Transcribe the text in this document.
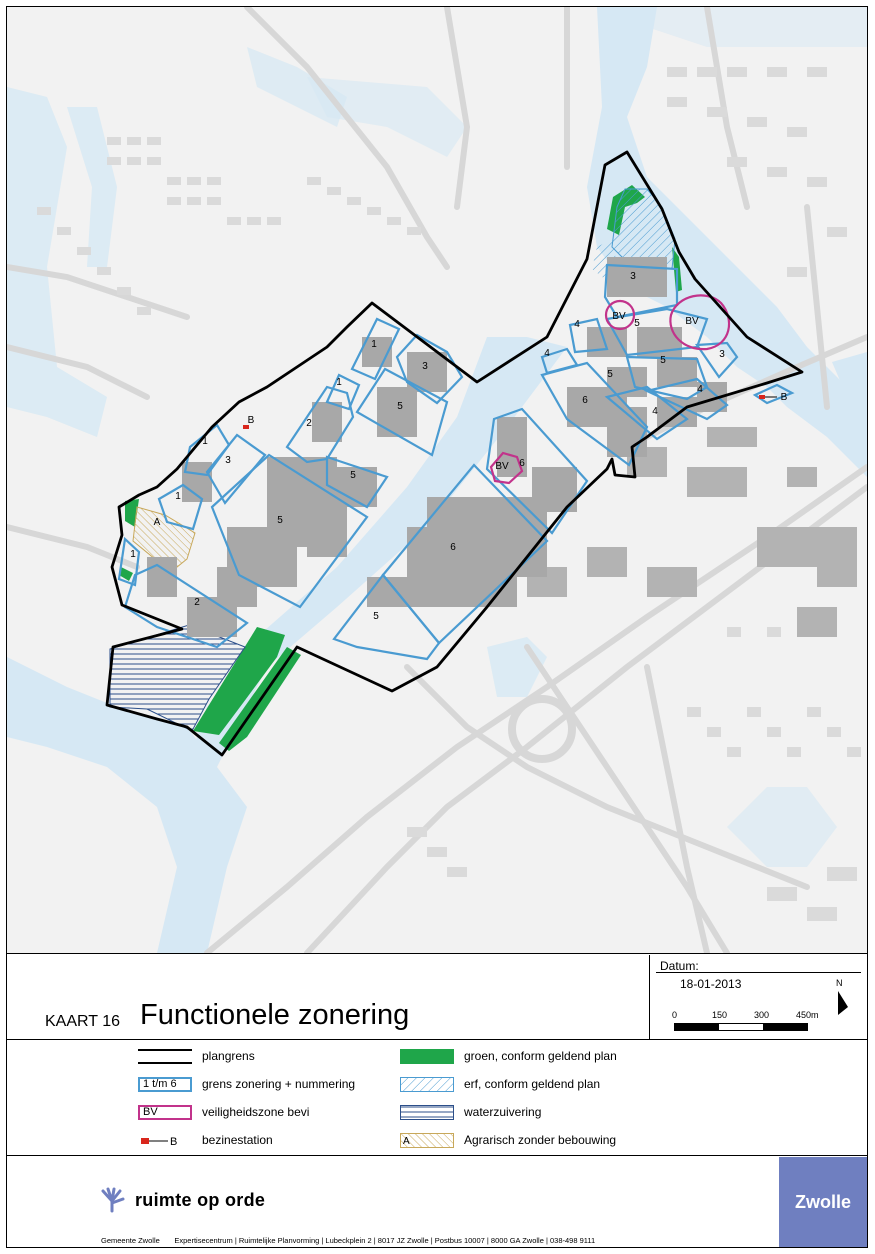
1
3
1
5
1
3
2
5
1
5
1
2
6
5
6
3
4	5
5
4	3
5
6
4
4
BV	BV
BV
A
B
B
KAART 16 Functionele zonering
Datum:
18-01-2013
0	150	300	450m
N
plangrens
1 t/m 6	grens zonering + nummering
BV	veiligheidszone bevi
B bezinestation
groen, conform geldend plan
erf, conform geldend plan
waterzuivering
A	Agrarisch zonder bebouwing
ruimte op orde
Gemeente Zwolle Expertisecentrum | Ruimtelijke Planvorming | Lubeckplein 2 | 8017 JZ Zwolle | Postbus 10007 | 8000 GA Zwolle | 038-498 9111
Zwolle
